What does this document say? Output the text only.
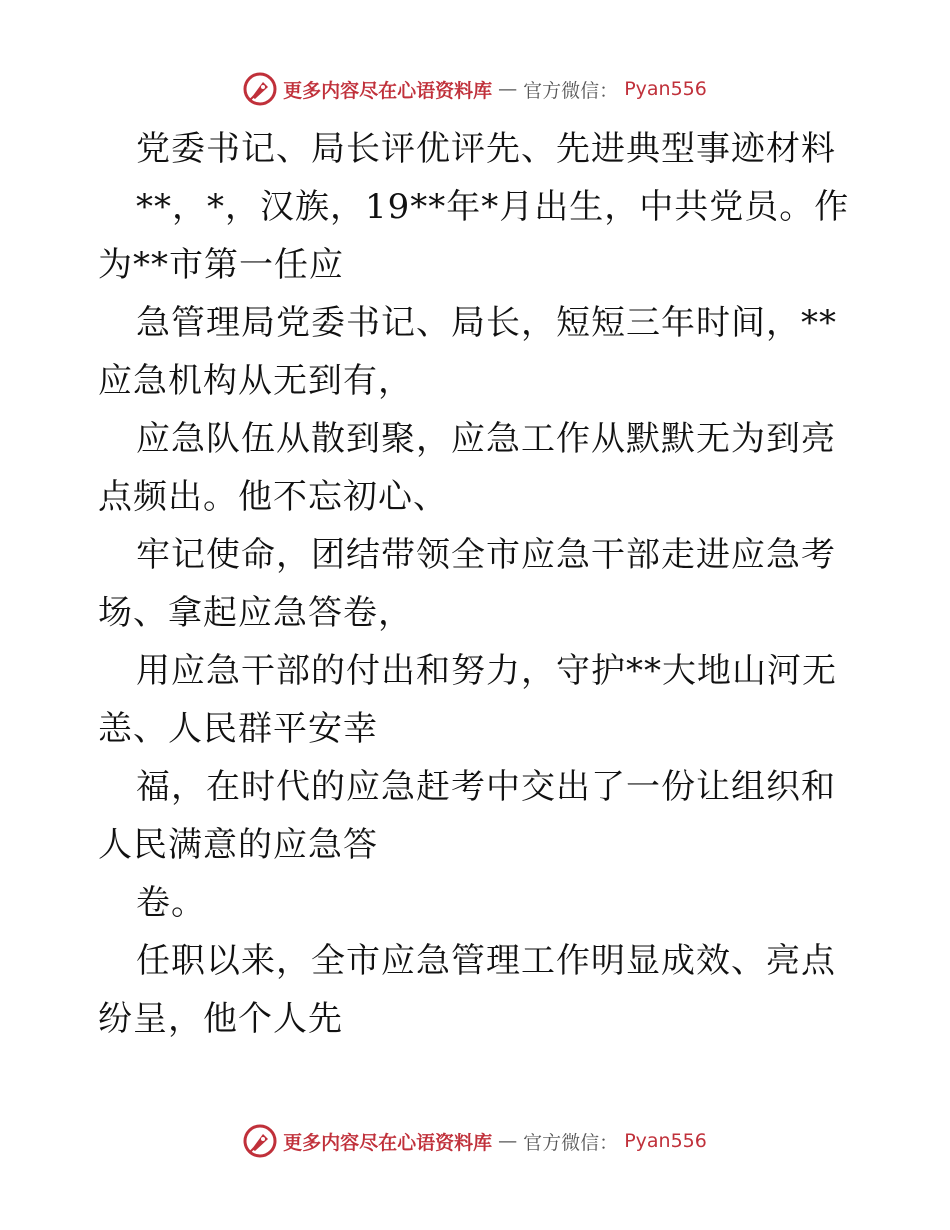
更多内容尽在心语资料库 — 官方微信： Pyan556

党委书记、局长评优评先、先进典型事迹材料

**，*，汉族，19**年*月出生，中共党员。作为**市第一任应

急管理局党委书记、局长，短短三年时间，**应急机构从无到有，

应急队伍从散到聚，应急工作从默默无为到亮点频出。他不忘初心、

牢记使命，团结带领全市应急干部走进应急考场、拿起应急答卷，

用应急干部的付出和努力，守护**大地山河无恙、人民群平安幸

福，在时代的应急赶考中交出了一份让组织和人民满意的应急答

卷。

任职以来，全市应急管理工作明显成效、亮点纷呈，他个人先

更多内容尽在心语资料库 — 官方微信： Pyan556
